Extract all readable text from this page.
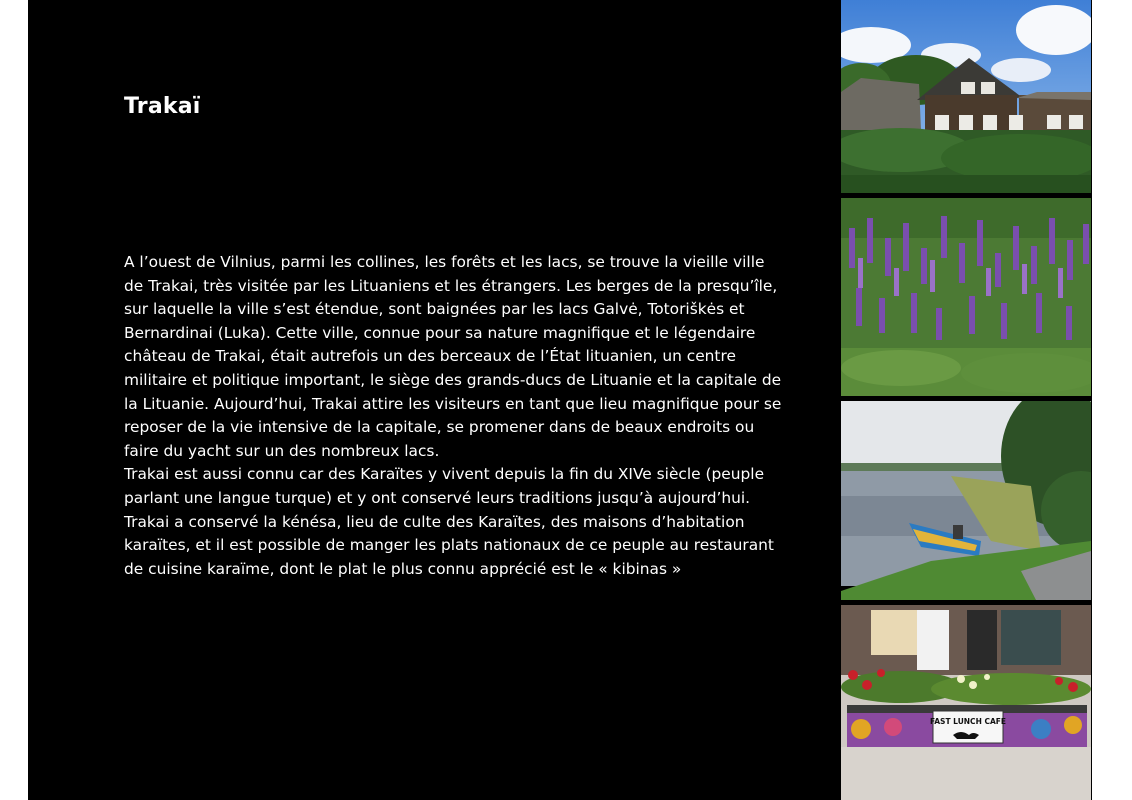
Trakaï

A l’ouest de Vilnius, parmi les collines, les forêts et les lacs, se trouve la vieille ville de Trakai, très visitée par les Lituaniens et les étrangers. Les berges de la presqu’île, sur laquelle la ville s’est étendue, sont baignées par les lacs Galvė, Totoriškės et Bernardinai (Luka). Cette ville, connue pour sa nature magnifique et le légendaire château de Trakai, était autrefois un des berceaux de l’État lituanien, un centre militaire et politique important, le siège des grands-ducs de Lituanie et la capitale de la Lituanie. Aujourd’hui, Trakai attire les visiteurs en tant que lieu magnifique pour se reposer de la vie intensive de la capitale, se promener dans de beaux endroits ou faire du yacht sur un des nombreux lacs.

Trakai est aussi connu car des Karaïtes y vivent depuis la fin du XIVe siècle (peuple parlant une langue turque) et y ont conservé leurs traditions jusqu’à aujourd’hui. Trakai a conservé la kénésa, lieu de culte des Karaïtes, des maisons d’habitation karaïtes, et il est possible de manger les plats nationaux de ce peuple au restaurant de cuisine karaïme, dont le plat le plus connu apprécié est le « kibinas »

FAST LUNCH CAFE
